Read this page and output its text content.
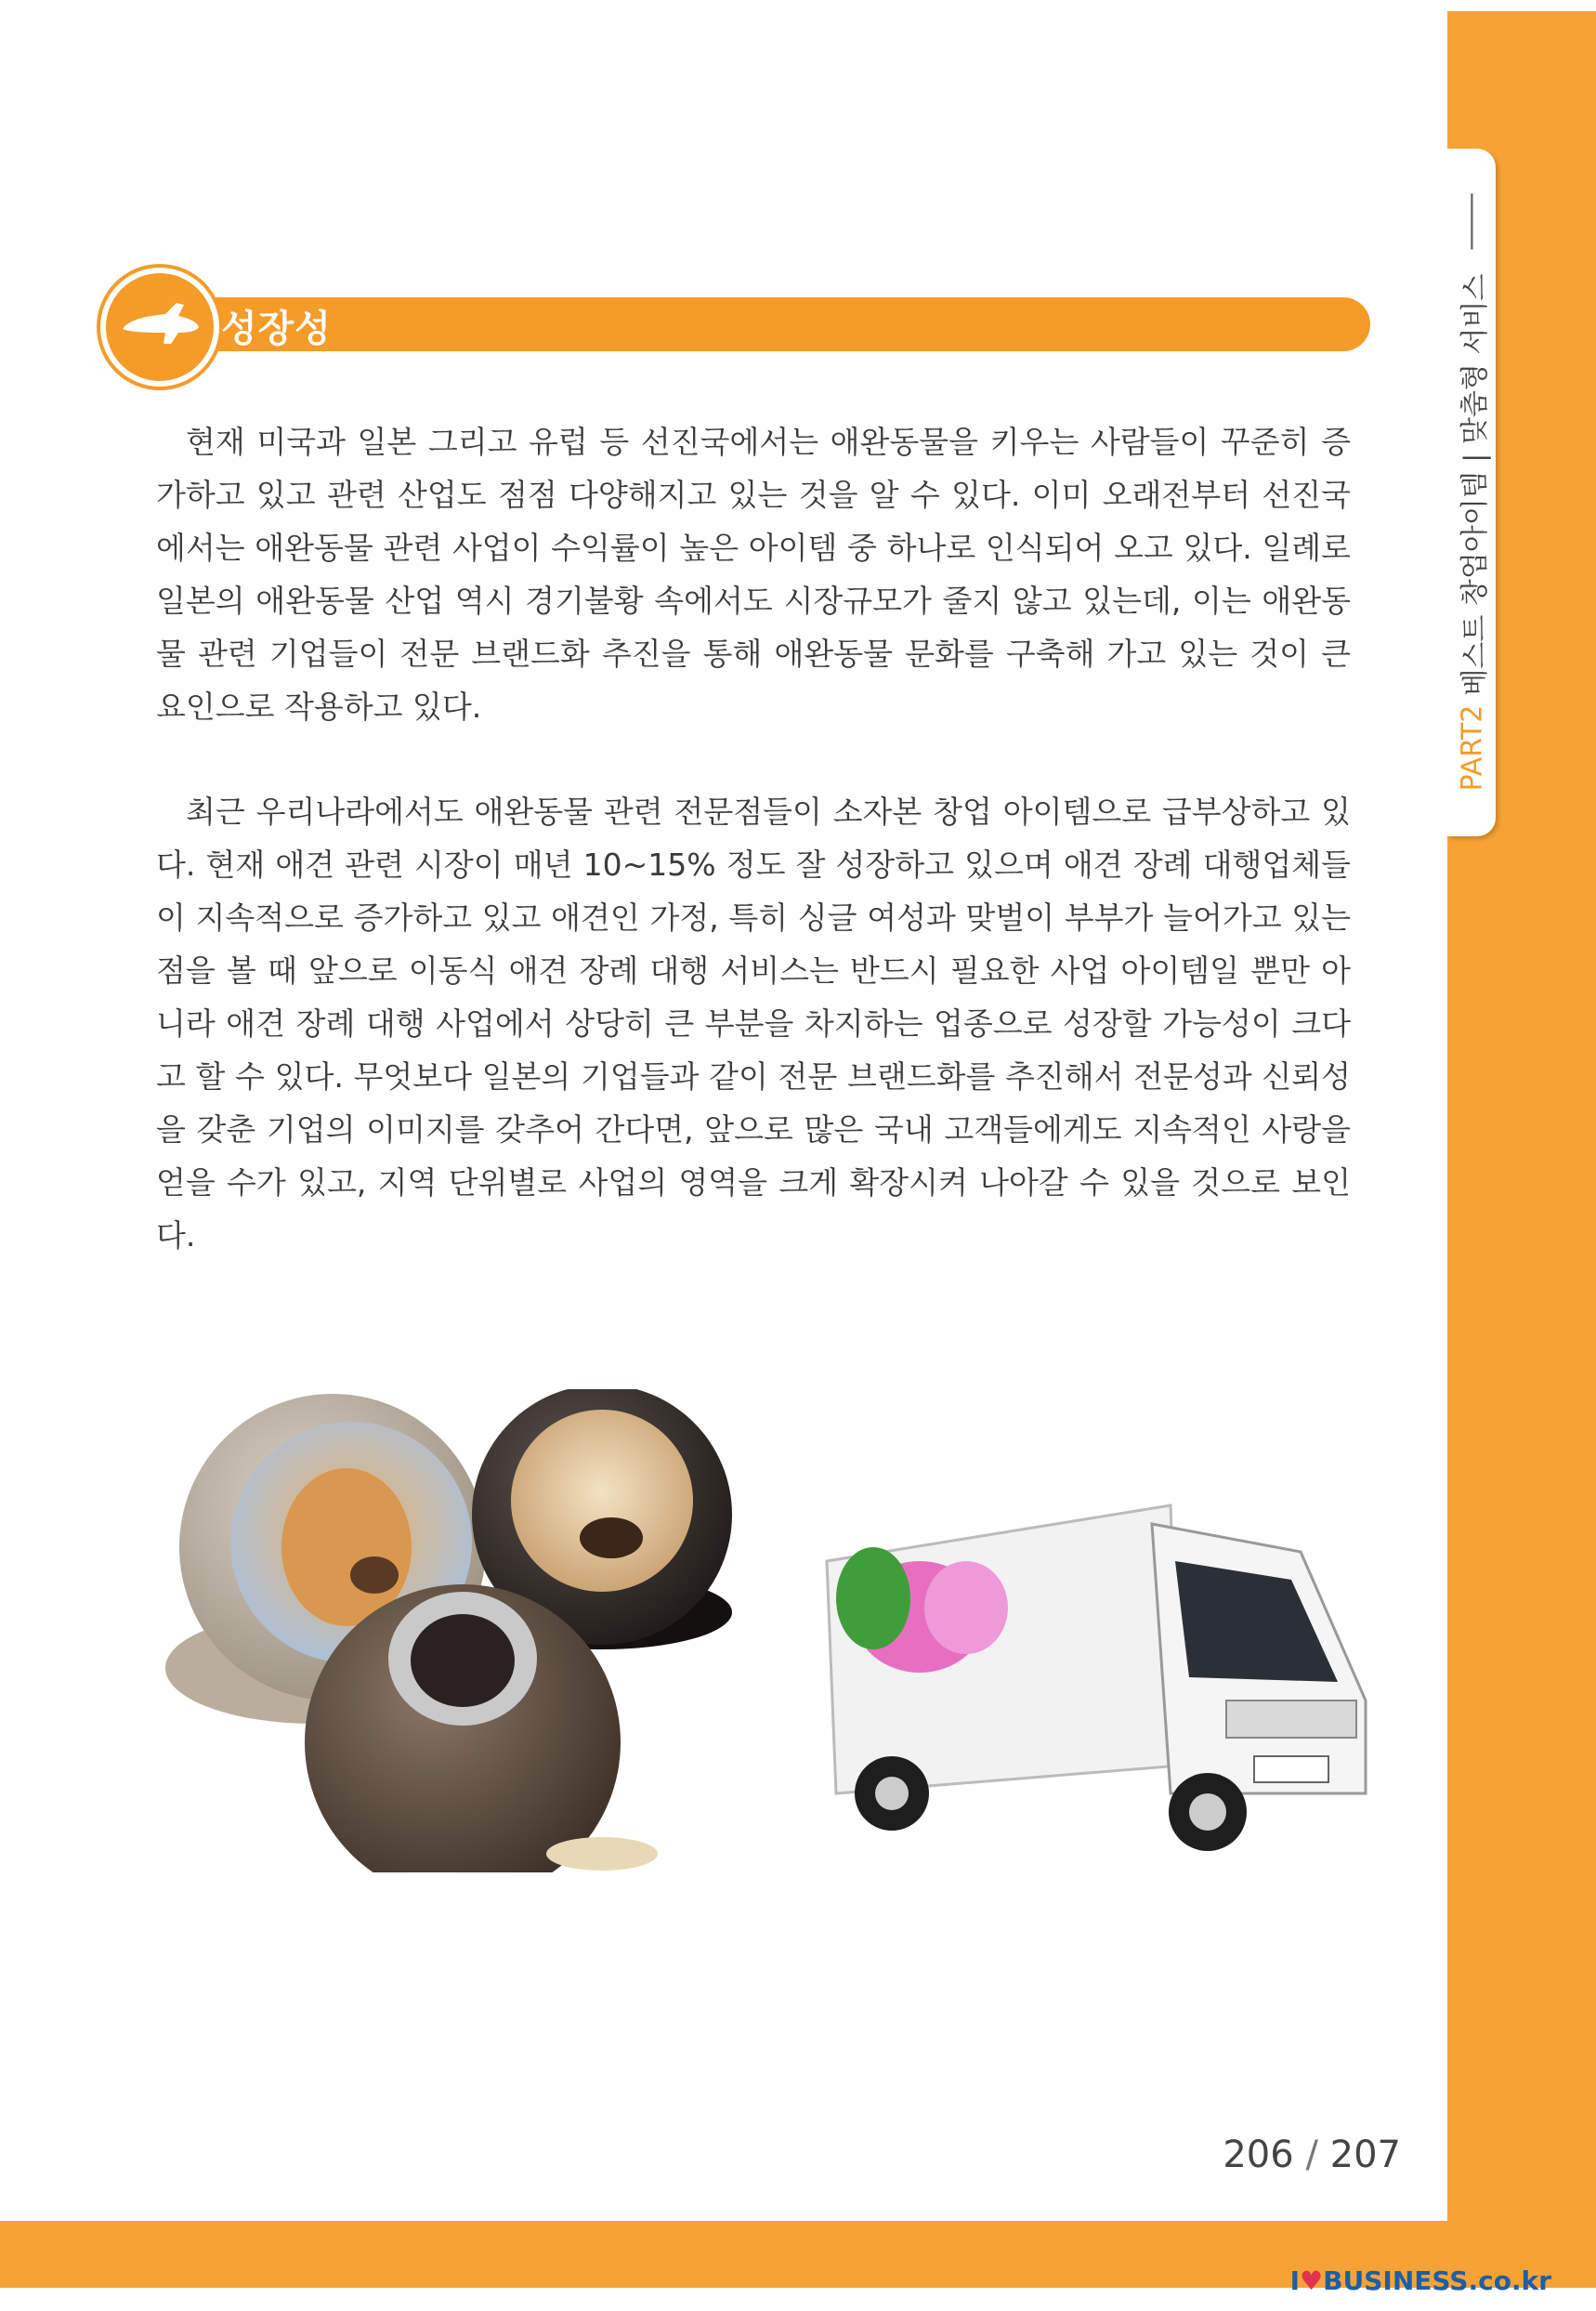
PART2
베스트 창업아이템 | 맞춤형 서비스
성장성

현재 미국과 일본 그리고 유럽 등 선진국에서는 애완동물을 키우는 사람들이 꾸준히 증가하고 있고 관련 산업도 점점 다양해지고 있는 것을 알 수 있다. 이미 오래전부터 선진국에서는 애완동물 관련 사업이 수익률이 높은 아이템 중 하나로 인식되어 오고 있다. 일례로 일본의 애완동물 산업 역시 경기불황 속에서도 시장규모가 줄지 않고 있는데, 이는 애완동물 관련 기업들이 전문 브랜드화 추진을 통해 애완동물 문화를 구축해 가고 있는 것이 큰 요인으로 작용하고 있다.

최근 우리나라에서도 애완동물 관련 전문점들이 소자본 창업 아이템으로 급부상하고 있다. 현재 애견 관련 시장이 매년 10~15% 정도 잘 성장하고 있으며 애견 장례 대행업체들이 지속적으로 증가하고 있고 애견인 가정, 특히 싱글 여성과 맞벌이 부부가 늘어가고 있는 점을 볼 때 앞으로 이동식 애견 장례 대행 서비스는 반드시 필요한 사업 아이템일 뿐만 아니라 애견 장례 대행 사업에서 상당히 큰 부분을 차지하는 업종으로 성장할 가능성이 크다고 할 수 있다. 무엇보다 일본의 기업들과 같이 전문 브랜드화를 추진해서 전문성과 신뢰성을 갖춘 기업의 이미지를 갖추어 간다면, 앞으로 많은 국내 고객들에게도 지속적인 사랑을 얻을 수가 있고, 지역 단위별로 사업의 영역을 크게 확장시켜 나아갈 수 있을 것으로 보인다.

206 / 207
I♥BUSINESS.co.kr
